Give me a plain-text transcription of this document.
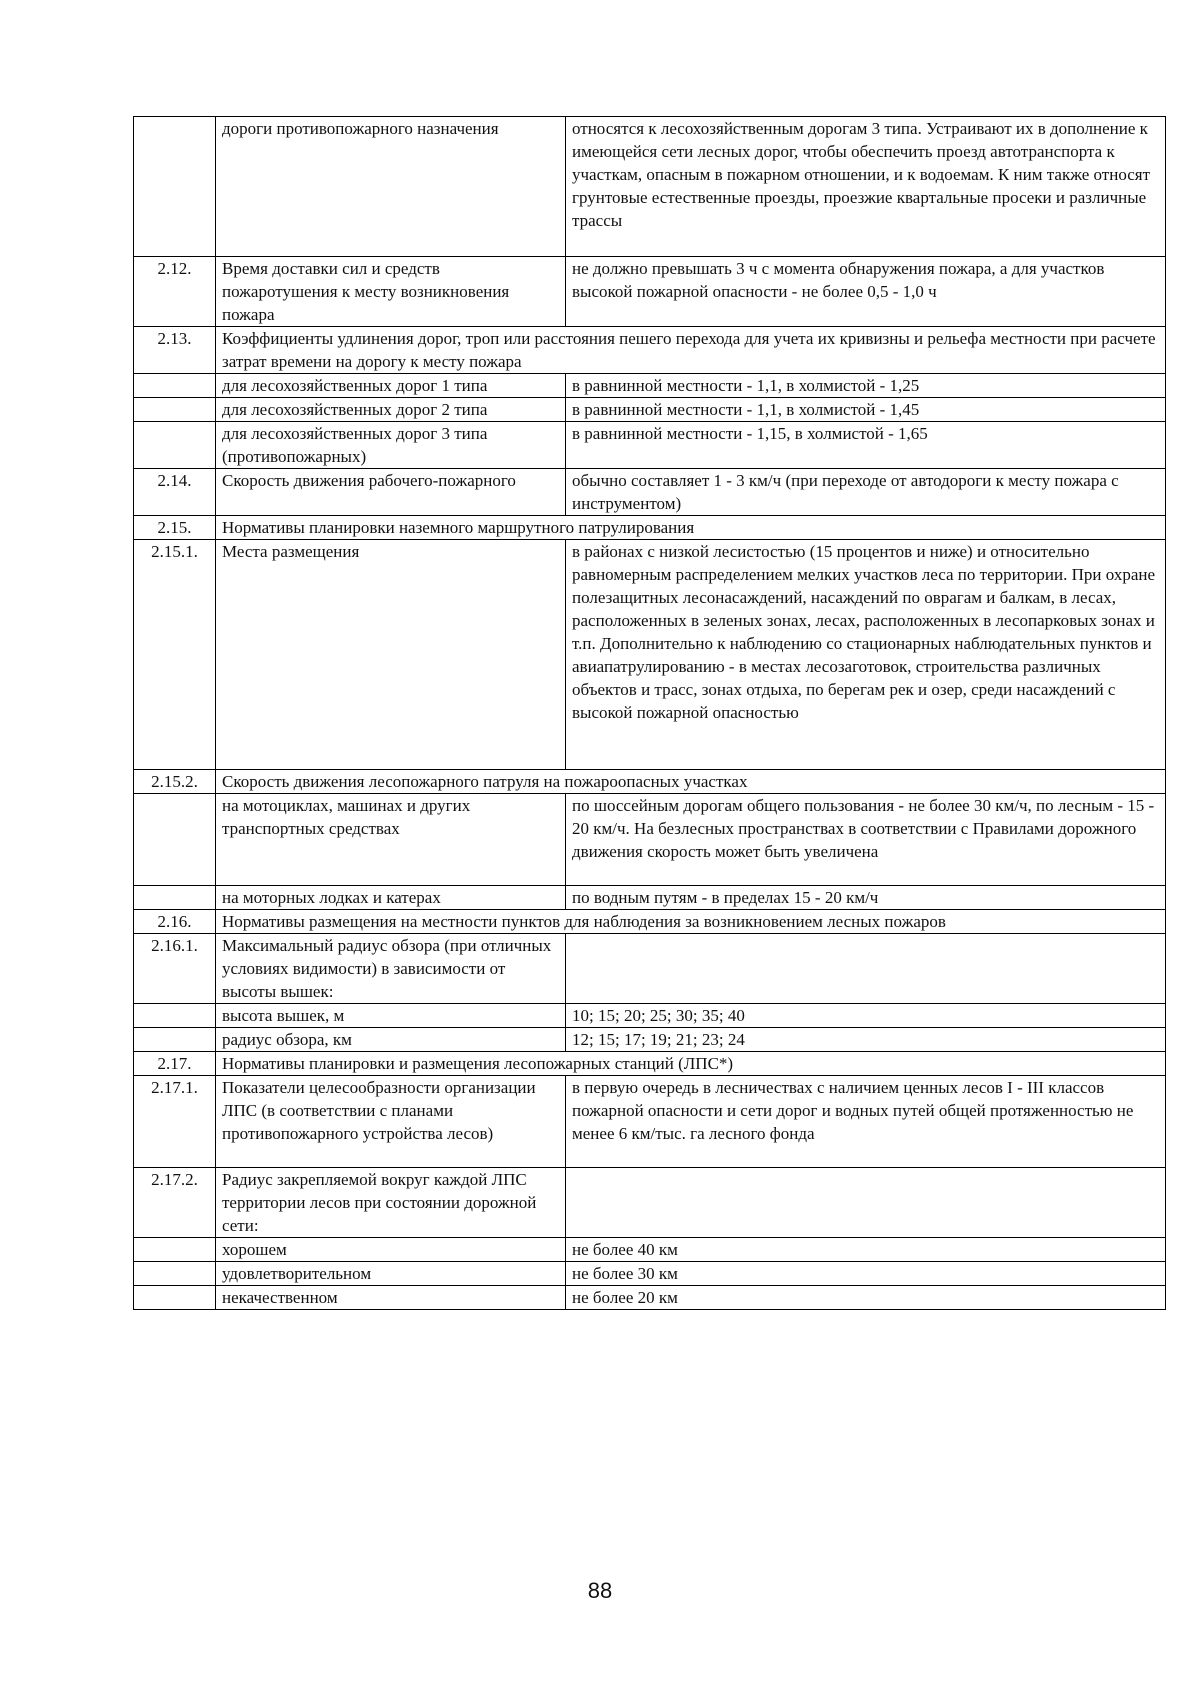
	дороги противопожарного назначения	относятся к лесохозяйственным дорогам 3 типа. Устраивают их в дополнение к имеющейся сети лесных дорог, чтобы обеспечить проезд автотранспорта к участкам, опасным в пожарном отношении, и к водоемам. К ним также относят грунтовые естественные проезды, проезжие квартальные просеки и различные трассы
2.12.	Время доставки сил и средств пожаротушения к месту возникновения пожара	не должно превышать 3 ч с момента обнаружения пожара, а для участков высокой пожарной опасности - не более 0,5 - 1,0 ч
2.13.	Коэффициенты удлинения дорог, троп или расстояния пешего перехода для учета их кривизны и рельефа местности при расчете затрат времени на дорогу к месту пожара	
	для лесохозяйственных дорог 1 типа	в равнинной местности - 1,1, в холмистой - 1,25
	для лесохозяйственных дорог 2 типа	в равнинной местности - 1,1, в холмистой - 1,45
	для лесохозяйственных дорог 3 типа (противопожарных)	в равнинной местности - 1,15, в холмистой - 1,65
2.14.	Скорость движения рабочего-пожарного	обычно составляет 1 - 3 км/ч (при переходе от автодороги к месту пожара с инструментом)
2.15.	Нормативы планировки наземного маршрутного патрулирования	
2.15.1.	Места размещения	в районах с низкой лесистостью (15 процентов и ниже) и относительно равномерным распределением мелких участков леса по территории. При охране полезащитных лесонасаждений, насаждений по оврагам и балкам, в лесах, расположенных в зеленых зонах, лесах, расположенных в лесопарковых зонах и т.п. Дополнительно к наблюдению со стационарных наблюдательных пунктов и авиапатрулированию - в местах лесозаготовок, строительства различных объектов и трасс, зонах отдыха, по берегам рек и озер, среди насаждений с высокой пожарной опасностью
2.15.2.	Скорость движения лесопожарного патруля на пожароопасных участках	
	на мотоциклах, машинах и других транспортных средствах	по шоссейным дорогам общего пользования - не более 30 км/ч, по лесным - 15 - 20 км/ч. На безлесных пространствах в соответствии с Правилами дорожного движения скорость может быть увеличена
	на моторных лодках и катерах	по водным путям - в пределах 15 - 20 км/ч
2.16.	Нормативы размещения на местности пунктов для наблюдения за возникновением лесных пожаров	
2.16.1.	Максимальный радиус обзора (при отличных условиях видимости) в зависимости от высоты вышек:	
	высота вышек, м	10; 15; 20; 25; 30; 35; 40
	радиус обзора, км	12; 15; 17; 19; 21; 23; 24
2.17.	Нормативы планировки и размещения лесопожарных станций (ЛПС*)	
2.17.1.	Показатели целесообразности организации ЛПС (в соответствии с планами противопожарного устройства лесов)	в первую очередь в лесничествах с наличием ценных лесов I - III классов пожарной опасности и сети дорог и водных путей общей протяженностью не менее 6 км/тыс. га лесного фонда
2.17.2.	Радиус закрепляемой вокруг каждой ЛПС территории лесов при состоянии дорожной сети:	
	хорошем	не более 40 км
	удовлетворительном	не более 30 км
	некачественном	не более 20 км
88
